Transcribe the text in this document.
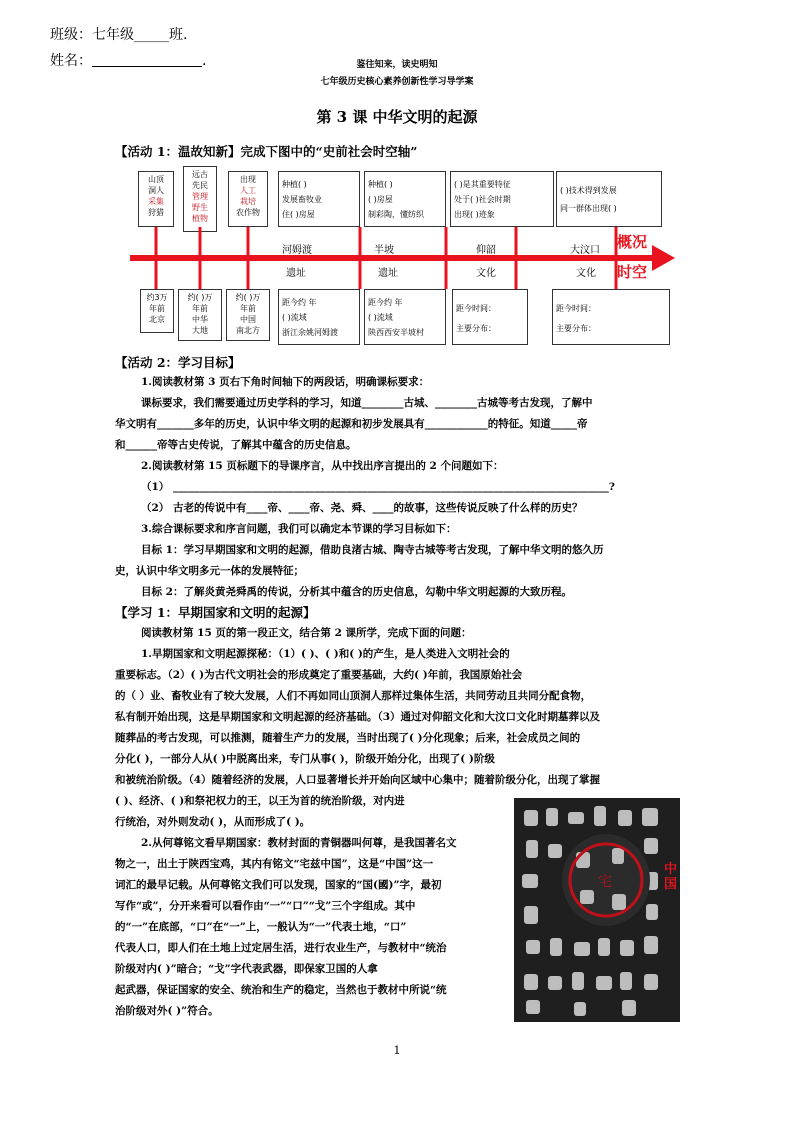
班级：七年级_____班.
姓名：	.	鉴往知来，读史明知
七年级历史核心素养创新性学习导学案
第 3 课 中华文明的起源
【活动 1：温故知新】完成下图中的“史前社会时空轴”
山顶
洞人
采集
狩猎
远古
先民
管理
野生
植物
出现
人工
栽培
农作物
种植( )
发展畜牧业
住( )房屋
种植( )
( )房屋
制彩陶，懂纺织
( )是其重要特征
处于( )社会时期
出现( )迹象
( )技术得到发展
同一群体出现( )
河姆渡	半坡	仰韶	大汶口
遗址	遗址	文化	文化
概况
时空
约3万
年前
北京
约( )万
年前
中华
大地
约( )万
年前
中国
南北方
距今约 年
( )流域
浙江余姚河姆渡
距今约 年
( )流域
陕西西安半坡村
距今时间：
主要分布：
距今时间：
主要分布：
【活动 2：学习目标】
1.阅读教材第 3 页右下角时间轴下的两段话，明确课标要求：
课标要求，我们需要通过历史学科的学习，知道________古城、________古城等考古发现，了解中
华文明有_______多年的历史，认识中华文明的起源和初步发展具有____________的特征。知道_____帝
和______帝等古史传说，了解其中蕴含的历史信息。
2.阅读教材第 15 页标题下的导课序言，从中找出序言提出的 2 个问题如下：
（1） ___________________________________________________________________________________?
（2） 古老的传说中有____帝、____帝、尧、舜、____的故事，这些传说反映了什么样的历史？
3.综合课标要求和序言问题，我们可以确定本节课的学习目标如下：
目标 1：学习早期国家和文明的起源，借助良渚古城、陶寺古城等考古发现，了解中华文明的悠久历
史，认识中华文明多元一体的发展特征；
目标 2：了解炎黄尧舜禹的传说，分析其中蕴含的历史信息，勾勒中华文明起源的大致历程。
【学习 1：早期国家和文明的起源】
阅读教材第 15 页的第一段正文，结合第 2 课所学，完成下面的问题：
1.早期国家和文明起源探秘：（1）( )、( )和( )的产生，是人类进入文明社会的
重要标志。（2）( )为古代文明社会的形成奠定了重要基础，大约( )年前，我国原始社会
的（ ）业、畜牧业有了较大发展，人们不再如同山顶洞人那样过集体生活，共同劳动且共同分配食物，
私有制开始出现，这是早期国家和文明起源的经济基础。（3）通过对仰韶文化和大汶口文化时期墓葬以及
随葬品的考古发现，可以推测，随着生产力的发展，当时出现了( )分化现象；后来，社会成员之间的
分化( )，一部分人从( )中脱离出来，专门从事( )，阶级开始分化，出现了( )阶级
和被统治阶级。（4）随着经济的发展，人口显著增长并开始向区域中心集中；随着阶级分化，出现了掌握
( )、经济、( )和祭祀权力的王，以王为首的统治阶级，对内进
行统治，对外则发动( )，从而形成了( )。
2.从何尊铭文看早期国家：教材封面的青铜器叫何尊，是我国著名文
物之一，出土于陕西宝鸡，其内有铭文“宅兹中国”，这是“中国”这一
词汇的最早记载。从何尊铭文我们可以发现，国家的“国(國)”字，最初
写作“或”，分开来看可以看作由“一”“口”“戈”三个字组成。其中
的“一”在底部，“口”在“一”上，一般认为“一”代表土地，“口”
代表人口，即人们在土地上过定居生活，进行农业生产，与教材中“统治
阶级对内( )”暗合；“戈”字代表武器，即保家卫国的人拿
起武器，保证国家的安全、统治和生产的稳定，当然也于教材中所说“统
治阶级对外( )”符合。
宅
中国
1
